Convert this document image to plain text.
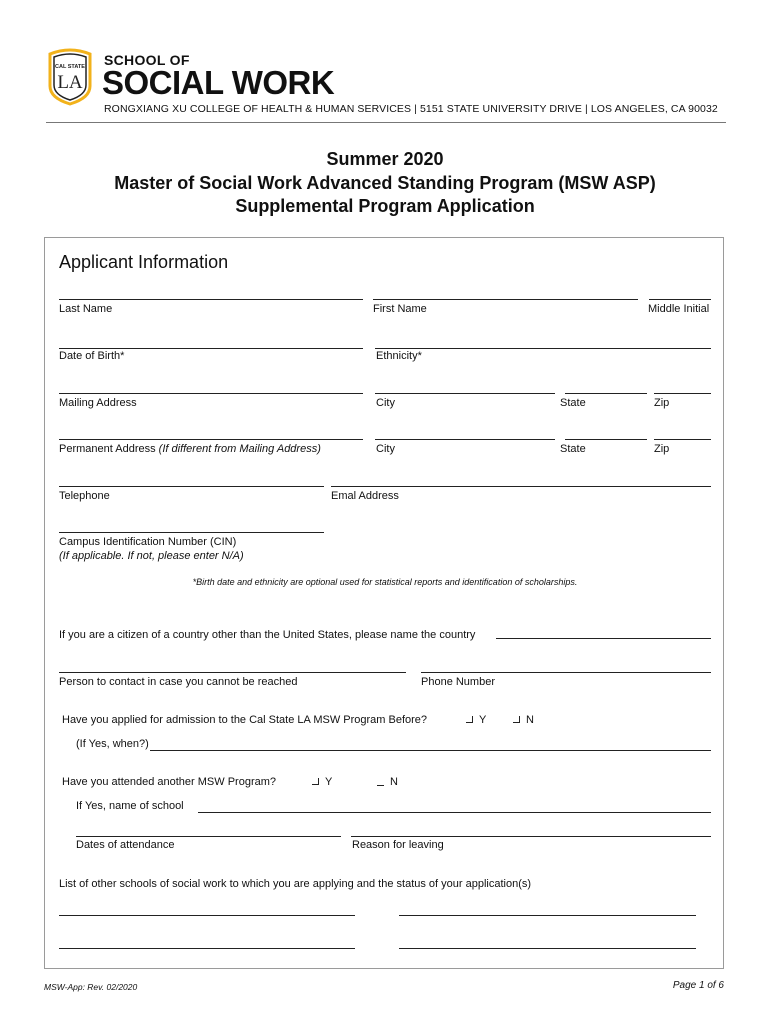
CAL STATE
LA
SCHOOL OF
SOCIAL WORK
RONGXIANG XU COLLEGE OF HEALTH & HUMAN SERVICES | 5151 STATE UNIVERSITY DRIVE | LOS ANGELES, CA 90032
Summer 2020
Master of Social Work Advanced Standing Program (MSW ASP)
Supplemental Program Application
Applicant Information
Last Name	First Name	Middle Initial
Date of Birth*	Ethnicity*
Mailing Address	City	State	Zip
Permanent Address (If different from Mailing Address)	City	State	Zip
Telephone	Emal Address
Campus Identification Number (CIN)
(If applicable. If not, please enter N/A)
*Birth date and ethnicity are optional used for statistical reports and identification of scholarships.
If you are a citizen of a country other than the United States, please name the country
Person to contact in case you cannot be reached	Phone Number
Have you applied for admission to the Cal State LA MSW Program Before?	Y	N
(If Yes, when?)
Have you attended another MSW Program?	Y	N
If Yes, name of school
Dates of attendance	Reason for leaving
List of other schools of social work to which you are applying and the status of your application(s)
MSW-App: Rev. 02/2020	Page 1 of 6
